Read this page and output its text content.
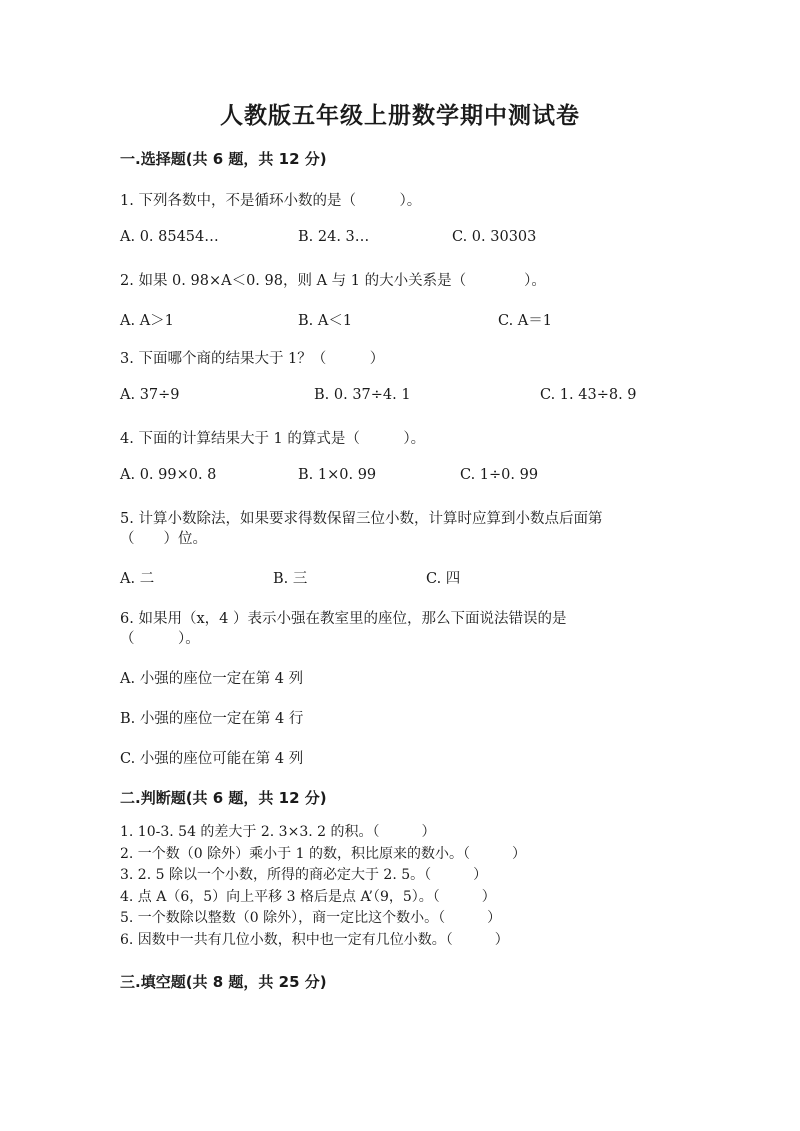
人教版五年级上册数学期中测试卷
一.选择题(共 6 题，共 12 分)
1. 下列各数中，不是循环小数的是（　　　）。
A. 0. 85454…	B. 24. 3…	C. 0. 30303
2. 如果 0. 98×A＜0. 98，则 A 与 1 的大小关系是（　　　　）。
A. A＞1	B. A＜1	C. A＝1
3. 下面哪个商的结果大于 1？（　　　）
A. 37÷9	B. 0. 37÷4. 1	C. 1. 43÷8. 9
4. 下面的计算结果大于 1 的算式是（　　　）。
A. 0. 99×0. 8	B. 1×0. 99	C. 1÷0. 99
5. 计算小数除法，如果要求得数保留三位小数，计算时应算到小数点后面第
（　　）位。
A. 二	B. 三	C. 四
6. 如果用（x，4 ）表示小强在教室里的座位，那么下面说法错误的是
（　　　）。
A. 小强的座位一定在第 4 列
B. 小强的座位一定在第 4 行
C. 小强的座位可能在第 4 列
二.判断题(共 6 题，共 12 分)
1. 10-3. 54 的差大于 2. 3×3. 2 的积。（　　　）
2. 一个数（0 除外）乘小于 1 的数，积比原来的数小。（　　　）
3. 2. 5 除以一个小数，所得的商必定大于 2. 5。（　　　）
4. 点 A（6，5）向上平移 3 格后是点 A’（9，5）。（　　　）
5. 一个数除以整数（0 除外），商一定比这个数小。（　　　）
6. 因数中一共有几位小数，积中也一定有几位小数。（　　　）
三.填空题(共 8 题，共 25 分)
